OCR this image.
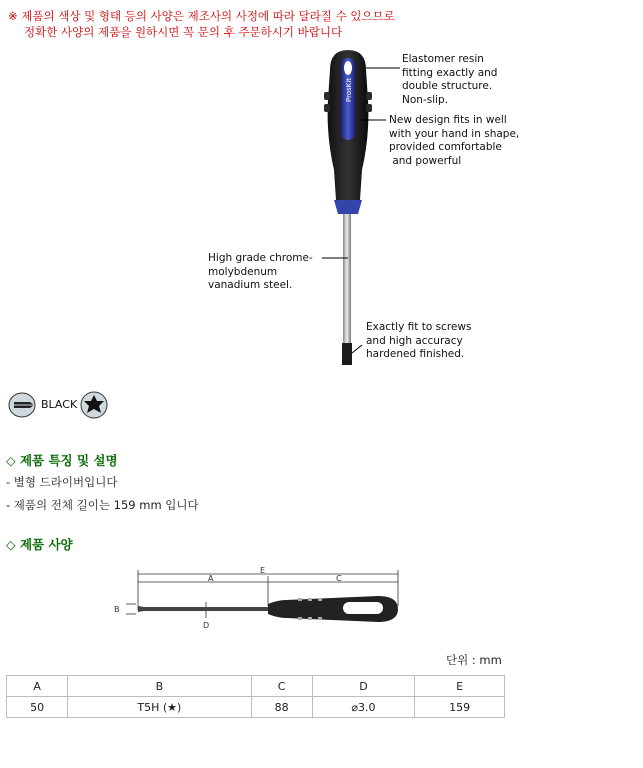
※ 제품의 색상 및 형태 등의 사양은 제조사의 사정에 따라 달라질 수 있으므로
정확한 사양의 제품을 원하시면 꼭 문의 후 주문하시기 바랍니다
ProsKit
Elastomer resin
fitting exactly and
double structure.
Non-slip.
New design fits in well
with your hand in shape,
provided comfortable
and powerful
High grade chrome-
molybdenum
vanadium steel.
Exactly fit to screws
and high accuracy
hardened finished.
BLACK
◇ 제품 특징 및 설명
- 별형 드라이버입니다
- 제품의 전체 길이는 159 mm 입니다
◇ 제품 사양
A
E
C
B
D
단위 : mm
A	B	C	D	E
50	T5H (★)	88	⌀3.0	159
